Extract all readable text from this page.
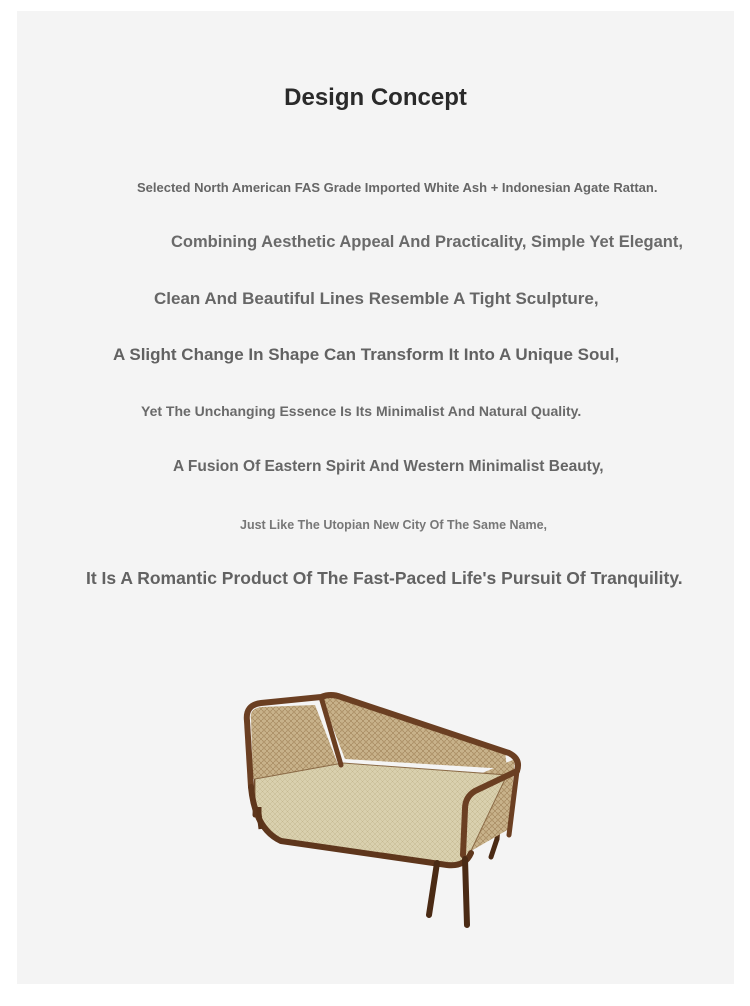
Design Concept

Selected North American FAS Grade Imported White Ash + Indonesian Agate Rattan.

Combining Aesthetic Appeal And Practicality, Simple Yet Elegant,

Clean And Beautiful Lines Resemble A Tight Sculpture,

A Slight Change In Shape Can Transform It Into A Unique Soul,

Yet The Unchanging Essence Is Its Minimalist And Natural Quality.

A Fusion Of Eastern Spirit And Western Minimalist Beauty,

Just Like The Utopian New City Of The Same Name,

It Is A Romantic Product Of The Fast-Paced Life's Pursuit Of Tranquility.
